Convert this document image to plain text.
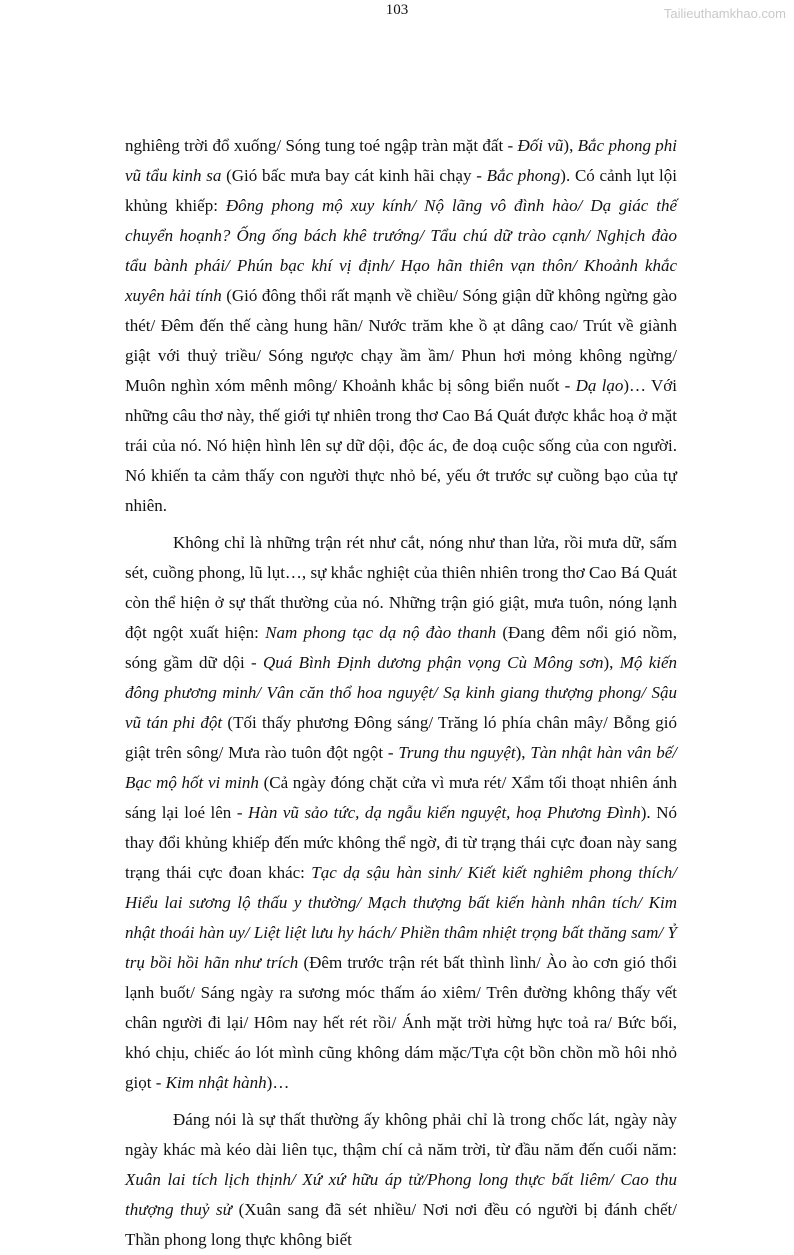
103	Tailieuthamkhao.com

nghiêng trời đổ xuống/ Sóng tung toé ngập tràn mặt đất - Đối vũ), Bắc phong phi vũ tẩu kinh sa (Gió bấc mưa bay cát kinh hãi chạy - Bắc phong). Có cảnh lụt lội khủng khiếp: Đông phong mộ xuy kính/ Nộ lãng vô đình hào/ Dạ giác thế chuyển hoạnh? Ống ống bách khê trướng/ Tẩu chú dữ trào cạnh/ Nghịch đào tẩu bành phái/ Phún bạc khí vị định/ Hạo hãn thiên vạn thôn/ Khoảnh khắc xuyên hải tính (Gió đông thổi rất mạnh về chiều/ Sóng giận dữ không ngừng gào thét/ Đêm đến thế càng hung hãn/ Nước trăm khe ồ ạt dâng cao/ Trút về giành giật với thuỷ triều/ Sóng ngược chạy ầm ầm/ Phun hơi mỏng không ngừng/ Muôn nghìn xóm mênh mông/ Khoảnh khắc bị sông biển nuốt - Dạ lạo)… Với những câu thơ này, thế giới tự nhiên trong thơ Cao Bá Quát được khắc hoạ ở mặt trái của nó. Nó hiện hình lên sự dữ dội, độc ác, đe doạ cuộc sống của con người. Nó khiến ta cảm thấy con người thực nhỏ bé, yếu ớt trước sự cuồng bạo của tự nhiên.

Không chỉ là những trận rét như cắt, nóng như than lửa, rồi mưa dữ, sấm sét, cuồng phong, lũ lụt…, sự khắc nghiệt của thiên nhiên trong thơ Cao Bá Quát còn thể hiện ở sự thất thường của nó. Những trận gió giật, mưa tuôn, nóng lạnh đột ngột xuất hiện: Nam phong tạc dạ nộ đào thanh (Đang đêm nổi gió nồm, sóng gầm dữ dội - Quá Bình Định dương phận vọng Cù Mông sơn), Mộ kiến đông phương minh/ Vân căn thổ hoa nguyệt/ Sạ kinh giang thượng phong/ Sậu vũ tán phi đột (Tối thấy phương Đông sáng/ Trăng ló phía chân mây/ Bỗng gió giật trên sông/ Mưa rào tuôn đột ngột - Trung thu nguyệt), Tàn nhật hàn vân bế/ Bạc mộ hốt vi minh (Cả ngày đóng chặt cửa vì mưa rét/ Xẩm tối thoạt nhiên ánh sáng lại loé lên - Hàn vũ sảo tức, dạ ngẫu kiến nguyệt, hoạ Phương Đình). Nó thay đổi khủng khiếp đến mức không thể ngờ, đi từ trạng thái cực đoan này sang trạng thái cực đoan khác: Tạc dạ sậu hàn sinh/ Kiết kiết nghiêm phong thích/ Hiểu lai sương lộ thấu y thường/ Mạch thượng bất kiến hành nhân tích/ Kim nhật thoái hàn uy/ Liệt liệt lưu hy hách/ Phiền thâm nhiệt trọng bất thăng sam/ Ỷ trụ bồi hồi hãn như trích (Đêm trước trận rét bất thình lình/ Ào ào cơn gió thổi lạnh buốt/ Sáng ngày ra sương móc thấm áo xiêm/ Trên đường không thấy vết chân người đi lại/ Hôm nay hết rét rồi/ Ánh mặt trời hừng hực toả ra/ Bức bối, khó chịu, chiếc áo lót mình cũng không dám mặc/Tựa cột bồn chồn mồ hôi nhỏ giọt - Kim nhật hành)…

Đáng nói là sự thất thường ấy không phải chỉ là trong chốc lát, ngày này ngày khác mà kéo dài liên tục, thậm chí cả năm trời, từ đầu năm đến cuối năm: Xuân lai tích lịch thịnh/ Xứ xứ hữu áp tử/Phong long thực bất liêm/ Cao thu thượng thuỷ sử (Xuân sang đã sét nhiều/ Nơi nơi đều có người bị đánh chết/ Thần phong long thực không biết
